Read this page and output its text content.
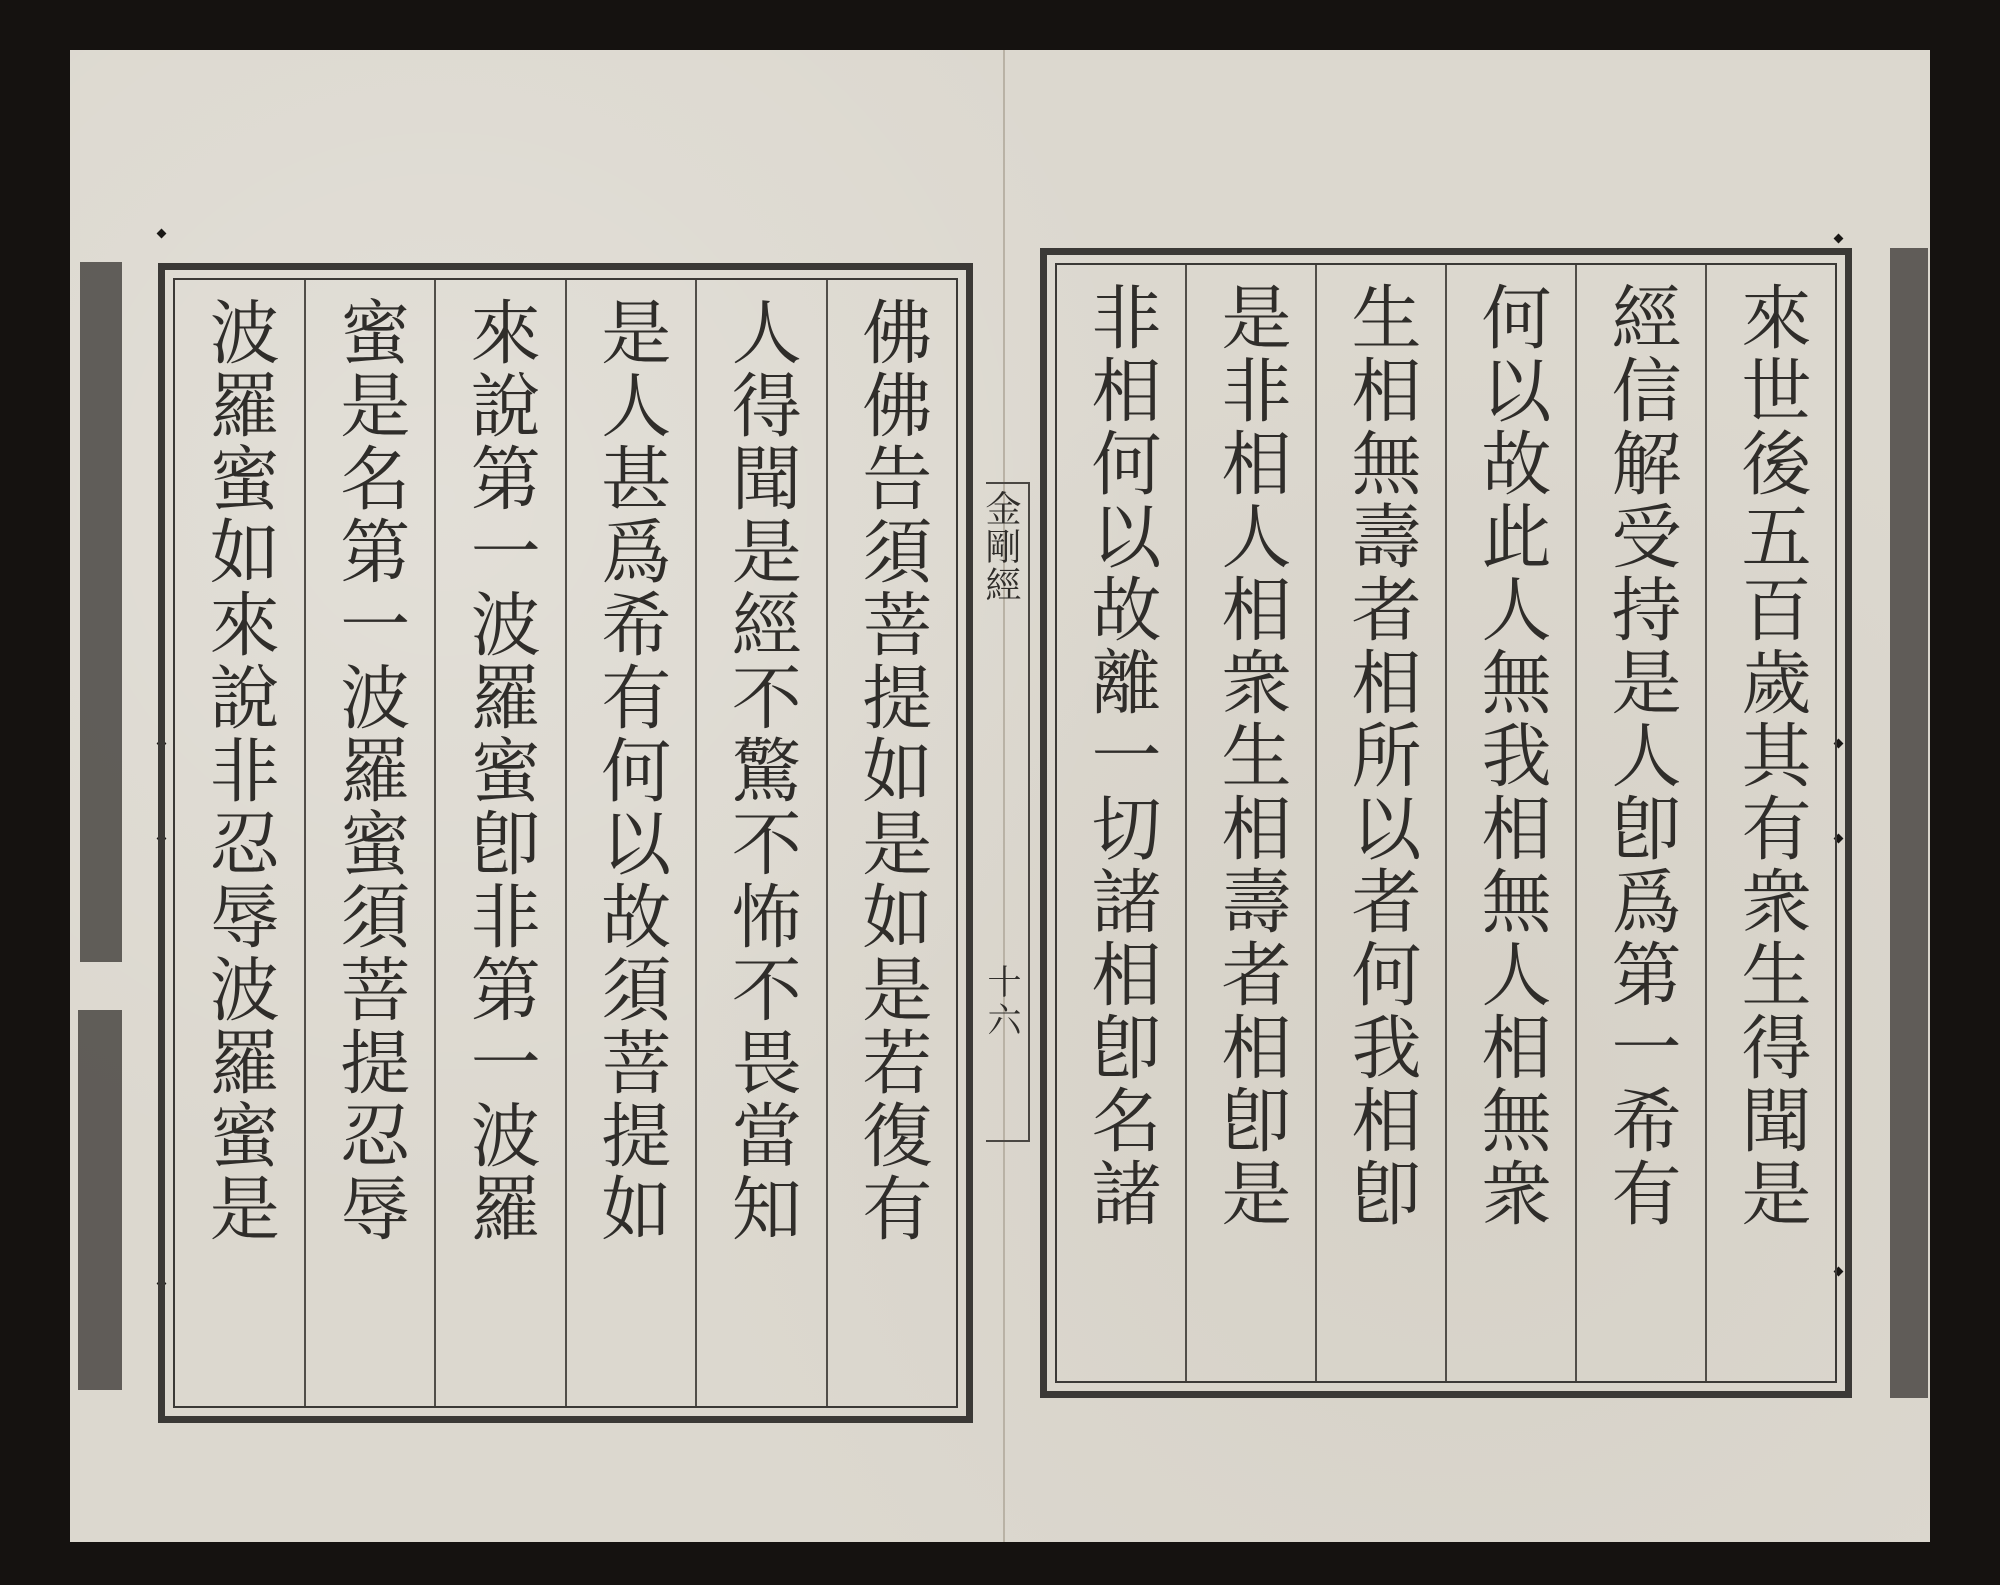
波羅蜜如來說非忍辱波羅蜜是 蜜是名第一波羅蜜須菩提忍辱 來說第一波羅蜜卽非第一波羅 是人甚爲希有何以故須菩提如 人得聞是經不驚不怖不畏當知 佛佛告須菩提如是如是若復有	金剛經
十六 非相何以故離一切諸相卽名諸 是非相人相衆生相壽者相卽是 生相無壽者相所以者何我相卽 何以故此人無我相無人相無衆 經信解受持是人卽爲第一希有 來世後五百歲其有衆生得聞是
